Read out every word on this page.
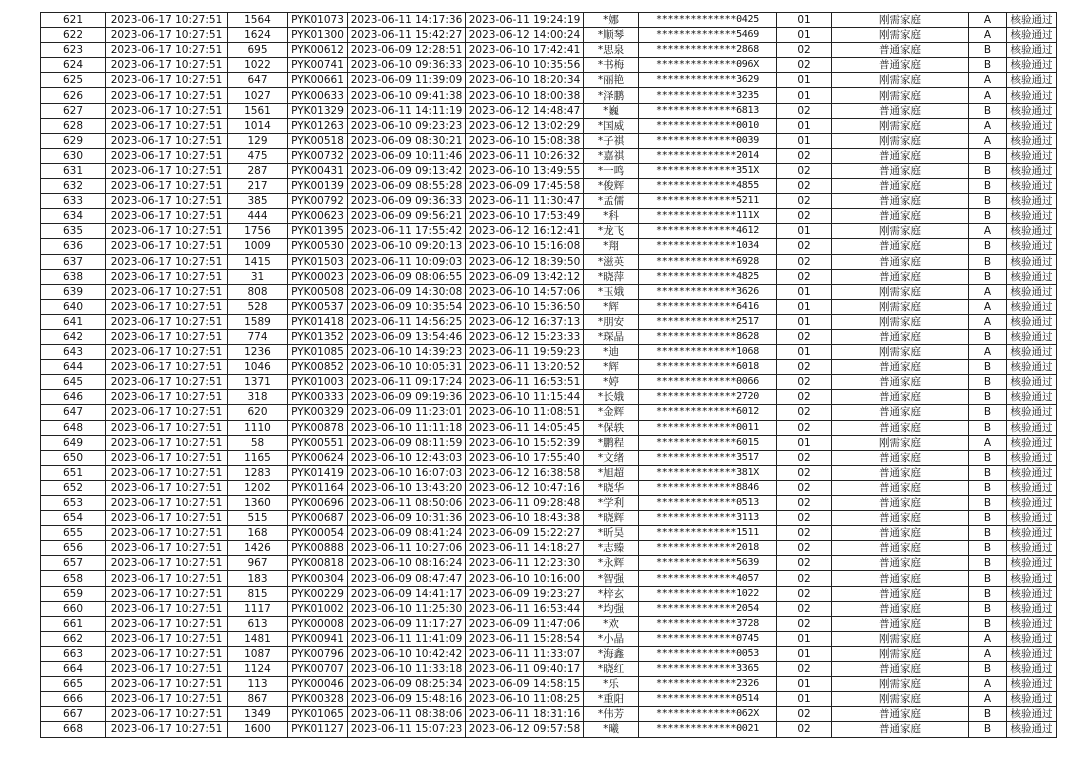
621	2023-06-17 10:27:51	1564	PYK01073	2023-06-11 14:17:36	2023-06-11 19:24:19	*娜	**************0425	01	刚需家庭	A	核验通过
622	2023-06-17 10:27:51	1624	PYK01300	2023-06-11 15:42:27	2023-06-12 14:00:24	*顺琴	**************5469	01	刚需家庭	A	核验通过
623	2023-06-17 10:27:51	695	PYK00612	2023-06-09 12:28:51	2023-06-10 17:42:41	*思泉	**************2868	02	普通家庭	B	核验通过
624	2023-06-17 10:27:51	1022	PYK00741	2023-06-10 09:36:33	2023-06-10 10:35:56	*书梅	**************096X	02	普通家庭	B	核验通过
625	2023-06-17 10:27:51	647	PYK00661	2023-06-09 11:39:09	2023-06-10 18:20:34	*丽艳	**************3629	01	刚需家庭	A	核验通过
626	2023-06-17 10:27:51	1027	PYK00633	2023-06-10 09:41:38	2023-06-10 18:00:38	*泽鹏	**************3235	01	刚需家庭	A	核验通过
627	2023-06-17 10:27:51	1561	PYK01329	2023-06-11 14:11:19	2023-06-12 14:48:47	*巍	**************6813	02	普通家庭	B	核验通过
628	2023-06-17 10:27:51	1014	PYK01263	2023-06-10 09:23:23	2023-06-12 13:02:29	*国威	**************0010	01	刚需家庭	A	核验通过
629	2023-06-17 10:27:51	129	PYK00518	2023-06-09 08:30:21	2023-06-10 15:08:38	*子祺	**************0039	01	刚需家庭	A	核验通过
630	2023-06-17 10:27:51	475	PYK00732	2023-06-09 10:11:46	2023-06-11 10:26:32	*嘉祺	**************2014	02	普通家庭	B	核验通过
631	2023-06-17 10:27:51	287	PYK00431	2023-06-09 09:13:42	2023-06-10 13:49:55	*一鸣	**************351X	02	普通家庭	B	核验通过
632	2023-06-17 10:27:51	217	PYK00139	2023-06-09 08:55:28	2023-06-09 17:45:58	*俊辉	**************4855	02	普通家庭	B	核验通过
633	2023-06-17 10:27:51	385	PYK00792	2023-06-09 09:36:33	2023-06-11 11:30:47	*孟儒	**************5211	02	普通家庭	B	核验通过
634	2023-06-17 10:27:51	444	PYK00623	2023-06-09 09:56:21	2023-06-10 17:53:49	*科	**************111X	02	普通家庭	B	核验通过
635	2023-06-17 10:27:51	1756	PYK01395	2023-06-11 17:55:42	2023-06-12 16:12:41	*龙飞	**************4612	01	刚需家庭	A	核验通过
636	2023-06-17 10:27:51	1009	PYK00530	2023-06-10 09:20:13	2023-06-10 15:16:08	*翔	**************1034	02	普通家庭	B	核验通过
637	2023-06-17 10:27:51	1415	PYK01503	2023-06-11 10:09:03	2023-06-12 18:39:50	*滋英	**************6928	02	普通家庭	B	核验通过
638	2023-06-17 10:27:51	31	PYK00023	2023-06-09 08:06:55	2023-06-09 13:42:12	*晓萍	**************4825	02	普通家庭	B	核验通过
639	2023-06-17 10:27:51	808	PYK00508	2023-06-09 14:30:08	2023-06-10 14:57:06	*玉娥	**************3626	01	刚需家庭	A	核验通过
640	2023-06-17 10:27:51	528	PYK00537	2023-06-09 10:35:54	2023-06-10 15:36:50	*辉	**************6416	01	刚需家庭	A	核验通过
641	2023-06-17 10:27:51	1589	PYK01418	2023-06-11 14:56:25	2023-06-12 16:37:13	*朋安	**************2517	01	刚需家庭	A	核验通过
642	2023-06-17 10:27:51	774	PYK01352	2023-06-09 13:54:46	2023-06-12 15:23:33	*琛晶	**************8628	02	普通家庭	B	核验通过
643	2023-06-17 10:27:51	1236	PYK01085	2023-06-10 14:39:23	2023-06-11 19:59:23	*迪	**************1068	01	刚需家庭	A	核验通过
644	2023-06-17 10:27:51	1046	PYK00852	2023-06-10 10:05:31	2023-06-11 13:20:52	*辉	**************6018	02	普通家庭	B	核验通过
645	2023-06-17 10:27:51	1371	PYK01003	2023-06-11 09:17:24	2023-06-11 16:53:51	*婷	**************0066	02	普通家庭	B	核验通过
646	2023-06-17 10:27:51	318	PYK00333	2023-06-09 09:19:36	2023-06-10 11:15:44	*长娥	**************2720	02	普通家庭	B	核验通过
647	2023-06-17 10:27:51	620	PYK00329	2023-06-09 11:23:01	2023-06-10 11:08:51	*金辉	**************6012	02	普通家庭	B	核验通过
648	2023-06-17 10:27:51	1110	PYK00878	2023-06-10 11:11:18	2023-06-11 14:05:45	*保轶	**************0011	02	普通家庭	B	核验通过
649	2023-06-17 10:27:51	58	PYK00551	2023-06-09 08:11:59	2023-06-10 15:52:39	*鹏程	**************6015	01	刚需家庭	A	核验通过
650	2023-06-17 10:27:51	1165	PYK00624	2023-06-10 12:43:03	2023-06-10 17:55:40	*文绪	**************3517	02	普通家庭	B	核验通过
651	2023-06-17 10:27:51	1283	PYK01419	2023-06-10 16:07:03	2023-06-12 16:38:58	*旭超	**************381X	02	普通家庭	B	核验通过
652	2023-06-17 10:27:51	1202	PYK01164	2023-06-10 13:43:20	2023-06-12 10:47:16	*晓华	**************8846	02	普通家庭	B	核验通过
653	2023-06-17 10:27:51	1360	PYK00696	2023-06-11 08:50:06	2023-06-11 09:28:48	*学利	**************0513	02	普通家庭	B	核验通过
654	2023-06-17 10:27:51	515	PYK00687	2023-06-09 10:31:36	2023-06-10 18:43:38	*晓辉	**************3113	02	普通家庭	B	核验通过
655	2023-06-17 10:27:51	168	PYK00054	2023-06-09 08:41:24	2023-06-09 15:22:27	*昕昊	**************1511	02	普通家庭	B	核验通过
656	2023-06-17 10:27:51	1426	PYK00888	2023-06-11 10:27:06	2023-06-11 14:18:27	*志臻	**************2018	02	普通家庭	B	核验通过
657	2023-06-17 10:27:51	967	PYK00818	2023-06-10 08:16:24	2023-06-11 12:23:30	*永辉	**************5639	02	普通家庭	B	核验通过
658	2023-06-17 10:27:51	183	PYK00304	2023-06-09 08:47:47	2023-06-10 10:16:00	*智强	**************4057	02	普通家庭	B	核验通过
659	2023-06-17 10:27:51	815	PYK00229	2023-06-09 14:41:17	2023-06-09 19:23:27	*梓玄	**************1022	02	普通家庭	B	核验通过
660	2023-06-17 10:27:51	1117	PYK01002	2023-06-10 11:25:30	2023-06-11 16:53:44	*均强	**************2054	02	普通家庭	B	核验通过
661	2023-06-17 10:27:51	613	PYK00008	2023-06-09 11:17:27	2023-06-09 11:47:06	*欢	**************3728	02	普通家庭	B	核验通过
662	2023-06-17 10:27:51	1481	PYK00941	2023-06-11 11:41:09	2023-06-11 15:28:54	*小晶	**************0745	01	刚需家庭	A	核验通过
663	2023-06-17 10:27:51	1087	PYK00796	2023-06-10 10:42:42	2023-06-11 11:33:07	*海鑫	**************0053	01	刚需家庭	A	核验通过
664	2023-06-17 10:27:51	1124	PYK00707	2023-06-10 11:33:18	2023-06-11 09:40:17	*晓红	**************3365	02	普通家庭	B	核验通过
665	2023-06-17 10:27:51	113	PYK00046	2023-06-09 08:25:34	2023-06-09 14:58:15	*乐	**************2326	01	刚需家庭	A	核验通过
666	2023-06-17 10:27:51	867	PYK00328	2023-06-09 15:48:16	2023-06-10 11:08:25	*重阳	**************0514	01	刚需家庭	A	核验通过
667	2023-06-17 10:27:51	1349	PYK01065	2023-06-11 08:38:06	2023-06-11 18:31:16	*伟芳	**************062X	02	普通家庭	B	核验通过
668	2023-06-17 10:27:51	1600	PYK01127	2023-06-11 15:07:23	2023-06-12 09:57:58	*曦	**************0021	02	普通家庭	B	核验通过
